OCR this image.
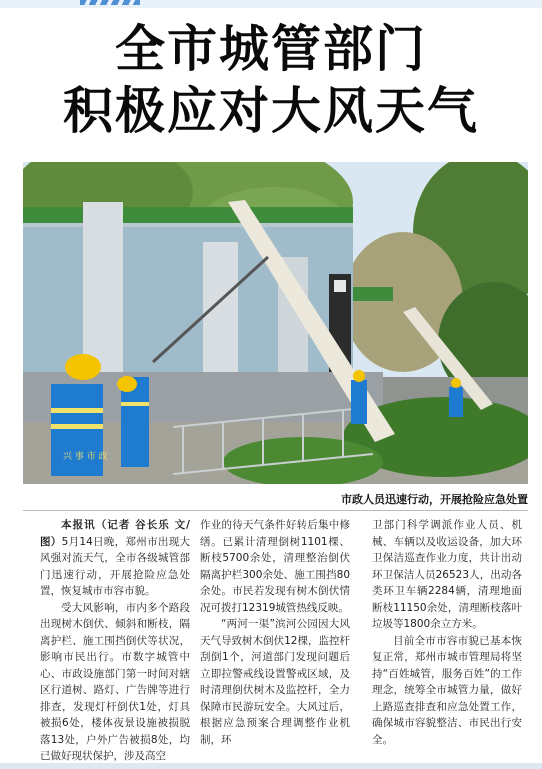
全市城管部门
积极应对大风天气
兴 事 市 政
市政人员迅速行动，开展抢险应急处置

本报讯（记者 谷长乐 文/图）5月14日晚，郑州市出现大风强对流天气，全市各级城管部门迅速行动，开展抢险应急处置，恢复城市市容市貌。

受大风影响，市内多个路段出现树木倒伏、倾斜和断枝，隔离护栏、施工围挡倒伏等状况，影响市民出行。市数字城管中心、市政设施部门第一时间对辖区行道树、路灯、广告牌等进行排查，发现灯杆倒伏1处，灯具被损6处，楼体夜景设施被损脱落13处，户外广告被损8处，均已做好现状保护，涉及高空

作业的待天气条件好转后集中修缮。已累计清理倒树1101棵、断枝5700余处，清理整治倒伏隔离护栏300余处、施工围挡80余处。市民若发现有树木倒伏情况可拨打12319城管热线反映。

“两河一渠”滨河公园因大风天气导致树木倒伏12棵，监控杆刮倒1个，河道部门发现问题后立即拉警戒线设置警戒区域，及时清理倒伏树木及监控杆，全力保障市民游玩安全。大风过后，根据应急预案合理调整作业机制，环

卫部门科学调派作业人员、机械、车辆以及收运设备，加大环卫保洁巡查作业力度，共计出动环卫保洁人员26523人，出动各类环卫车辆2284辆，清理地面断枝11150余处，清理断枝落叶垃圾等1800余立方米。

目前全市市容市貌已基本恢复正常，郑州市城市管理局将坚持“百姓城管，服务百姓”的工作理念，统筹全市城管力量，做好上路巡查排查和应急处置工作，确保城市容貌整洁、市民出行安全。
